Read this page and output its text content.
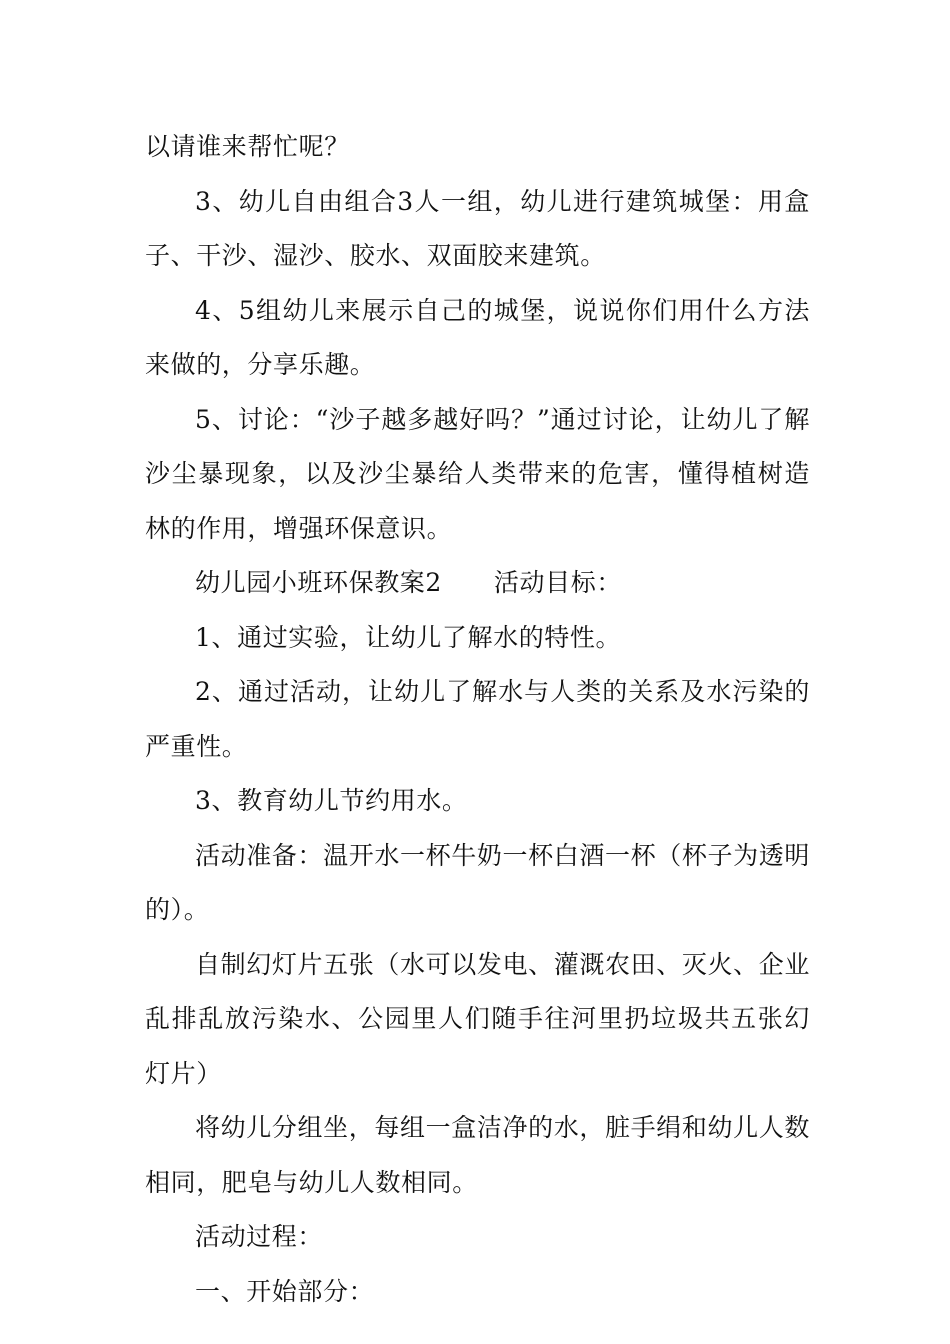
以请谁来帮忙呢？

3、幼儿自由组合3人一组，幼儿进行建筑城堡：用盒子、干沙、湿沙、胶水、双面胶来建筑。

4、5组幼儿来展示自己的城堡，说说你们用什么方法来做的，分享乐趣。

5、讨论：“沙子越多越好吗？”通过讨论，让幼儿了解沙尘暴现象，以及沙尘暴给人类带来的危害，懂得植树造林的作用，增强环保意识。

幼儿园小班环保教案2 活动目标：

1、通过实验，让幼儿了解水的特性。

2、通过活动，让幼儿了解水与人类的关系及水污染的严重性。

3、教育幼儿节约用水。

活动准备：温开水一杯牛奶一杯白酒一杯（杯子为透明的）。

自制幻灯片五张（水可以发电、灌溉农田、灭火、企业乱排乱放污染水、公园里人们随手往河里扔垃圾共五张幻灯片）

将幼儿分组坐，每组一盒洁净的水，脏手绢和幼儿人数相同，肥皂与幼儿人数相同。

活动过程：

一、开始部分：
